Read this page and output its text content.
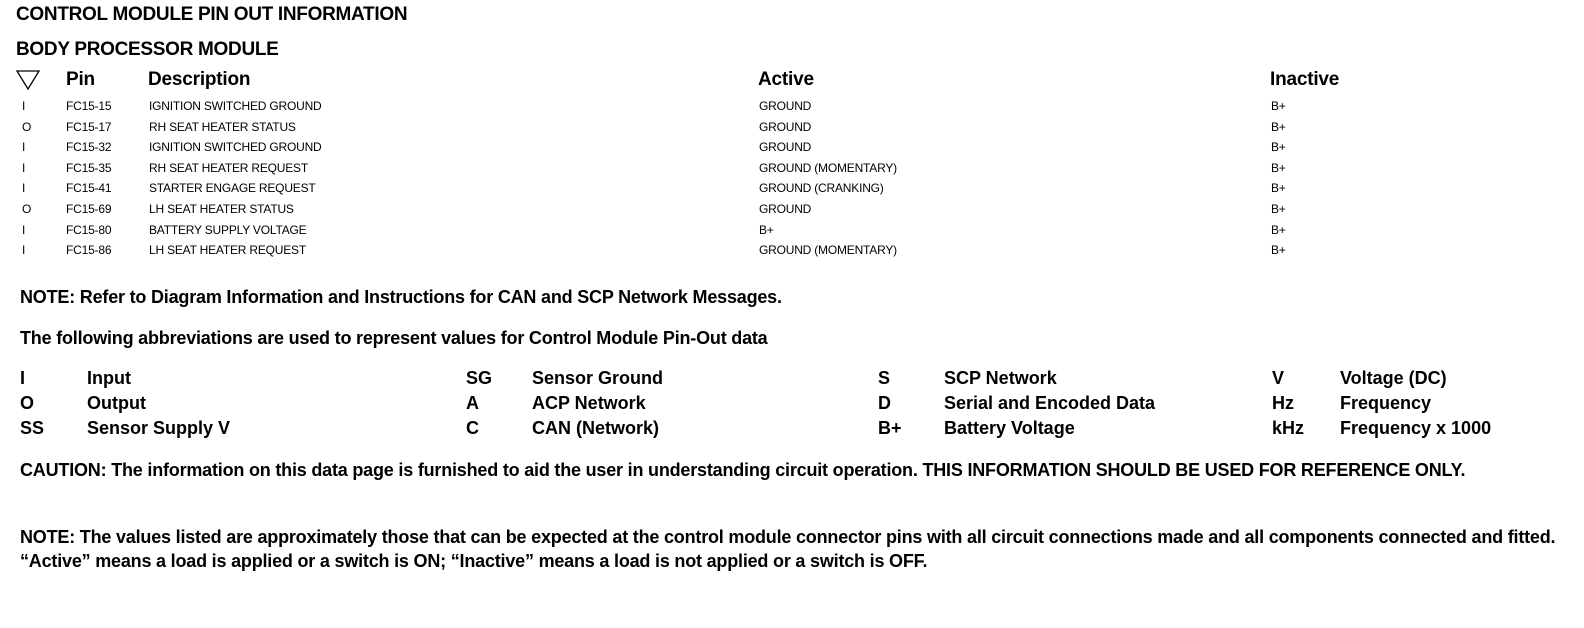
CONTROL MODULE PIN OUT INFORMATION
BODY PROCESSOR MODULE
Pin	Description	Active	Inactive
I	FC15-15	IGNITION SWITCHED GROUND	GROUND	B+
O	FC15-17	RH SEAT HEATER STATUS	GROUND	B+
I	FC15-32	IGNITION SWITCHED GROUND	GROUND	B+
I	FC15-35	RH SEAT HEATER REQUEST	GROUND (MOMENTARY)	B+
I	FC15-41	STARTER ENGAGE REQUEST	GROUND (CRANKING)	B+
O	FC15-69	LH SEAT HEATER STATUS	GROUND	B+
I	FC15-80	BATTERY SUPPLY VOLTAGE	B+	B+
I	FC15-86	LH SEAT HEATER REQUEST	GROUND (MOMENTARY)	B+
NOTE: Refer to Diagram Information and Instructions for CAN and SCP Network Messages.
The following abbreviations are used to represent values for Control Module Pin-Out data
I	Input	SG Sensor Ground	S	SCP Network	V	Voltage (DC)
O	Output	A	ACP Network	D	Serial and Encoded Data	Hz	Frequency
SS Sensor Supply V	C	CAN (Network)	B+ Battery Voltage	kHz Frequency x 1000
CAUTION: The information on this data page is furnished to aid the user in understanding circuit operation. THIS INFORMATION SHOULD BE USED FOR REFERENCE ONLY.
NOTE: The values listed are approximately those that can be expected at the control module connector pins with all circuit connections made and all components connected and fitted. “Active” means a load is applied or a switch is ON; “Inactive” means a load is not applied or a switch is OFF.
